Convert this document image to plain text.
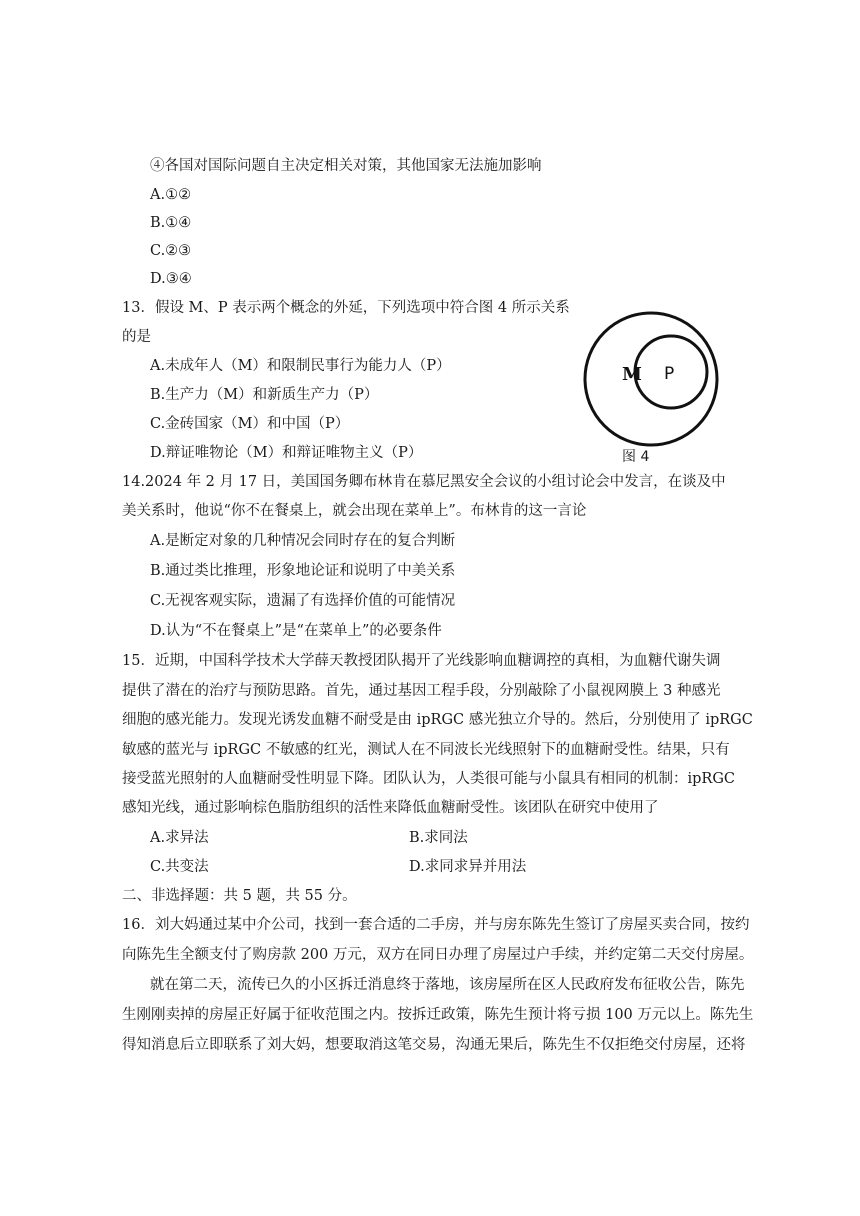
④各国对国际问题自主决定相关对策，其他国家无法施加影响
A.①②
B.①④
C.②③
D.③④
13．假设 M、P 表示两个概念的外延，下列选项中符合图 4 所示关系
的是
A.未成年人（M）和限制民事行为能力人（P）
B.生产力（M）和新质生产力（P）
C.金砖国家（M）和中国（P）
D.辩证唯物论（M）和辩证唯物主义（P）
M P
图 4
14.2024 年 2 月 17 日，美国国务卿布林肯在慕尼黑安全会议的小组讨论会中发言，在谈及中
美关系时，他说“你不在餐桌上，就会出现在菜单上”。布林肯的这一言论
A.是断定对象的几种情况会同时存在的复合判断
B.通过类比推理，形象地论证和说明了中美关系
C.无视客观实际，遗漏了有选择价值的可能情况
D.认为“不在餐桌上”是“在菜单上”的必要条件
15．近期，中国科学技术大学薛天教授团队揭开了光线影响血糖调控的真相，为血糖代谢失调
提供了潜在的治疗与预防思路。首先，通过基因工程手段，分别敲除了小鼠视网膜上 3 种感光
细胞的感光能力。发现光诱发血糖不耐受是由 ipRGC 感光独立介导的。然后，分别使用了 ipRGC
敏感的蓝光与 ipRGC 不敏感的红光，测试人在不同波长光线照射下的血糖耐受性。结果，只有
接受蓝光照射的人血糖耐受性明显下降。团队认为，人类很可能与小鼠具有相同的机制：ipRGC
感知光线，通过影响棕色脂肪组织的活性来降低血糖耐受性。该团队在研究中使用了
A.求异法	B.求同法
C.共变法	D.求同求异并用法
二、非选择题：共 5 题，共 55 分。
16．刘大妈通过某中介公司，找到一套合适的二手房，并与房东陈先生签订了房屋买卖合同，按约
向陈先生全额支付了购房款 200 万元，双方在同日办理了房屋过户手续，并约定第二天交付房屋。
就在第二天，流传已久的小区拆迁消息终于落地，该房屋所在区人民政府发布征收公告，陈先
生刚刚卖掉的房屋正好属于征收范围之内。按拆迁政策，陈先生预计将亏损 100 万元以上。陈先生
得知消息后立即联系了刘大妈，想要取消这笔交易，沟通无果后，陈先生不仅拒绝交付房屋，还将
